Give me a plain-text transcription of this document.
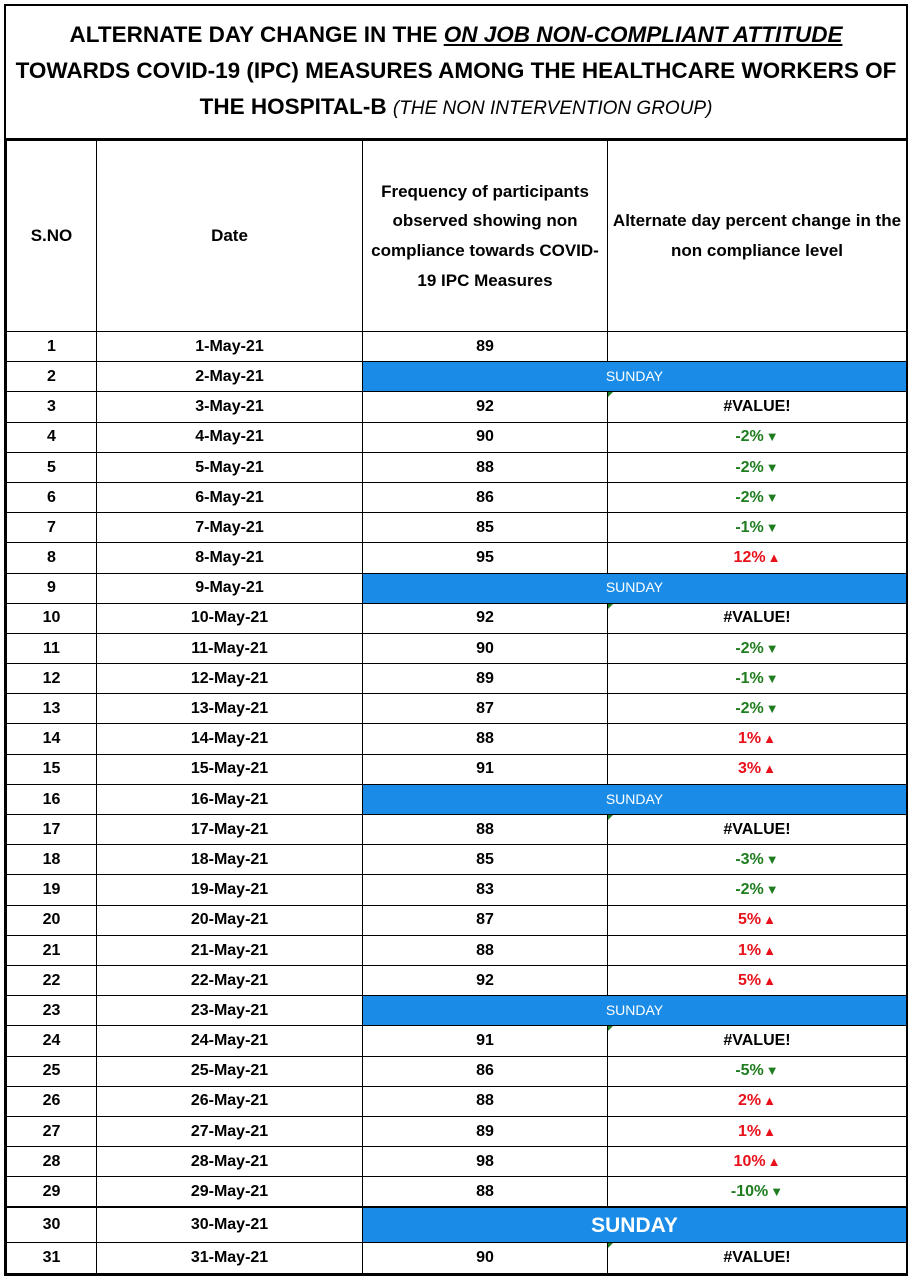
ALTERNATE DAY CHANGE IN THE ON JOB NON-COMPLIANT ATTITUDE
TOWARDS COVID-19 (IPC) MEASURES AMONG THE HEALTHCARE WORKERS OF
THE HOSPITAL-B (THE NON INTERVENTION GROUP)
S.NO	Date	Frequency of participants observed showing non compliance towards COVID-19 IPC Measures	Alternate day percent change in the non compliance level
1	1-May-21	89	
2	2-May-21	SUNDAY	
3	3-May-21	92	#VALUE!
4	4-May-21	90	-2% ▼
5	5-May-21	88	-2% ▼
6	6-May-21	86	-2% ▼
7	7-May-21	85	-1% ▼
8	8-May-21	95	12% ▲
9	9-May-21	SUNDAY	
10	10-May-21	92	#VALUE!
11	11-May-21	90	-2% ▼
12	12-May-21	89	-1% ▼
13	13-May-21	87	-2% ▼
14	14-May-21	88	1% ▲
15	15-May-21	91	3% ▲
16	16-May-21	SUNDAY	
17	17-May-21	88	#VALUE!
18	18-May-21	85	-3% ▼
19	19-May-21	83	-2% ▼
20	20-May-21	87	5% ▲
21	21-May-21	88	1% ▲
22	22-May-21	92	5% ▲
23	23-May-21	SUNDAY	
24	24-May-21	91	#VALUE!
25	25-May-21	86	-5% ▼
26	26-May-21	88	2% ▲
27	27-May-21	89	1% ▲
28	28-May-21	98	10% ▲
29	29-May-21	88	-10% ▼
30	30-May-21	SUNDAY	
31	31-May-21	90	#VALUE!
